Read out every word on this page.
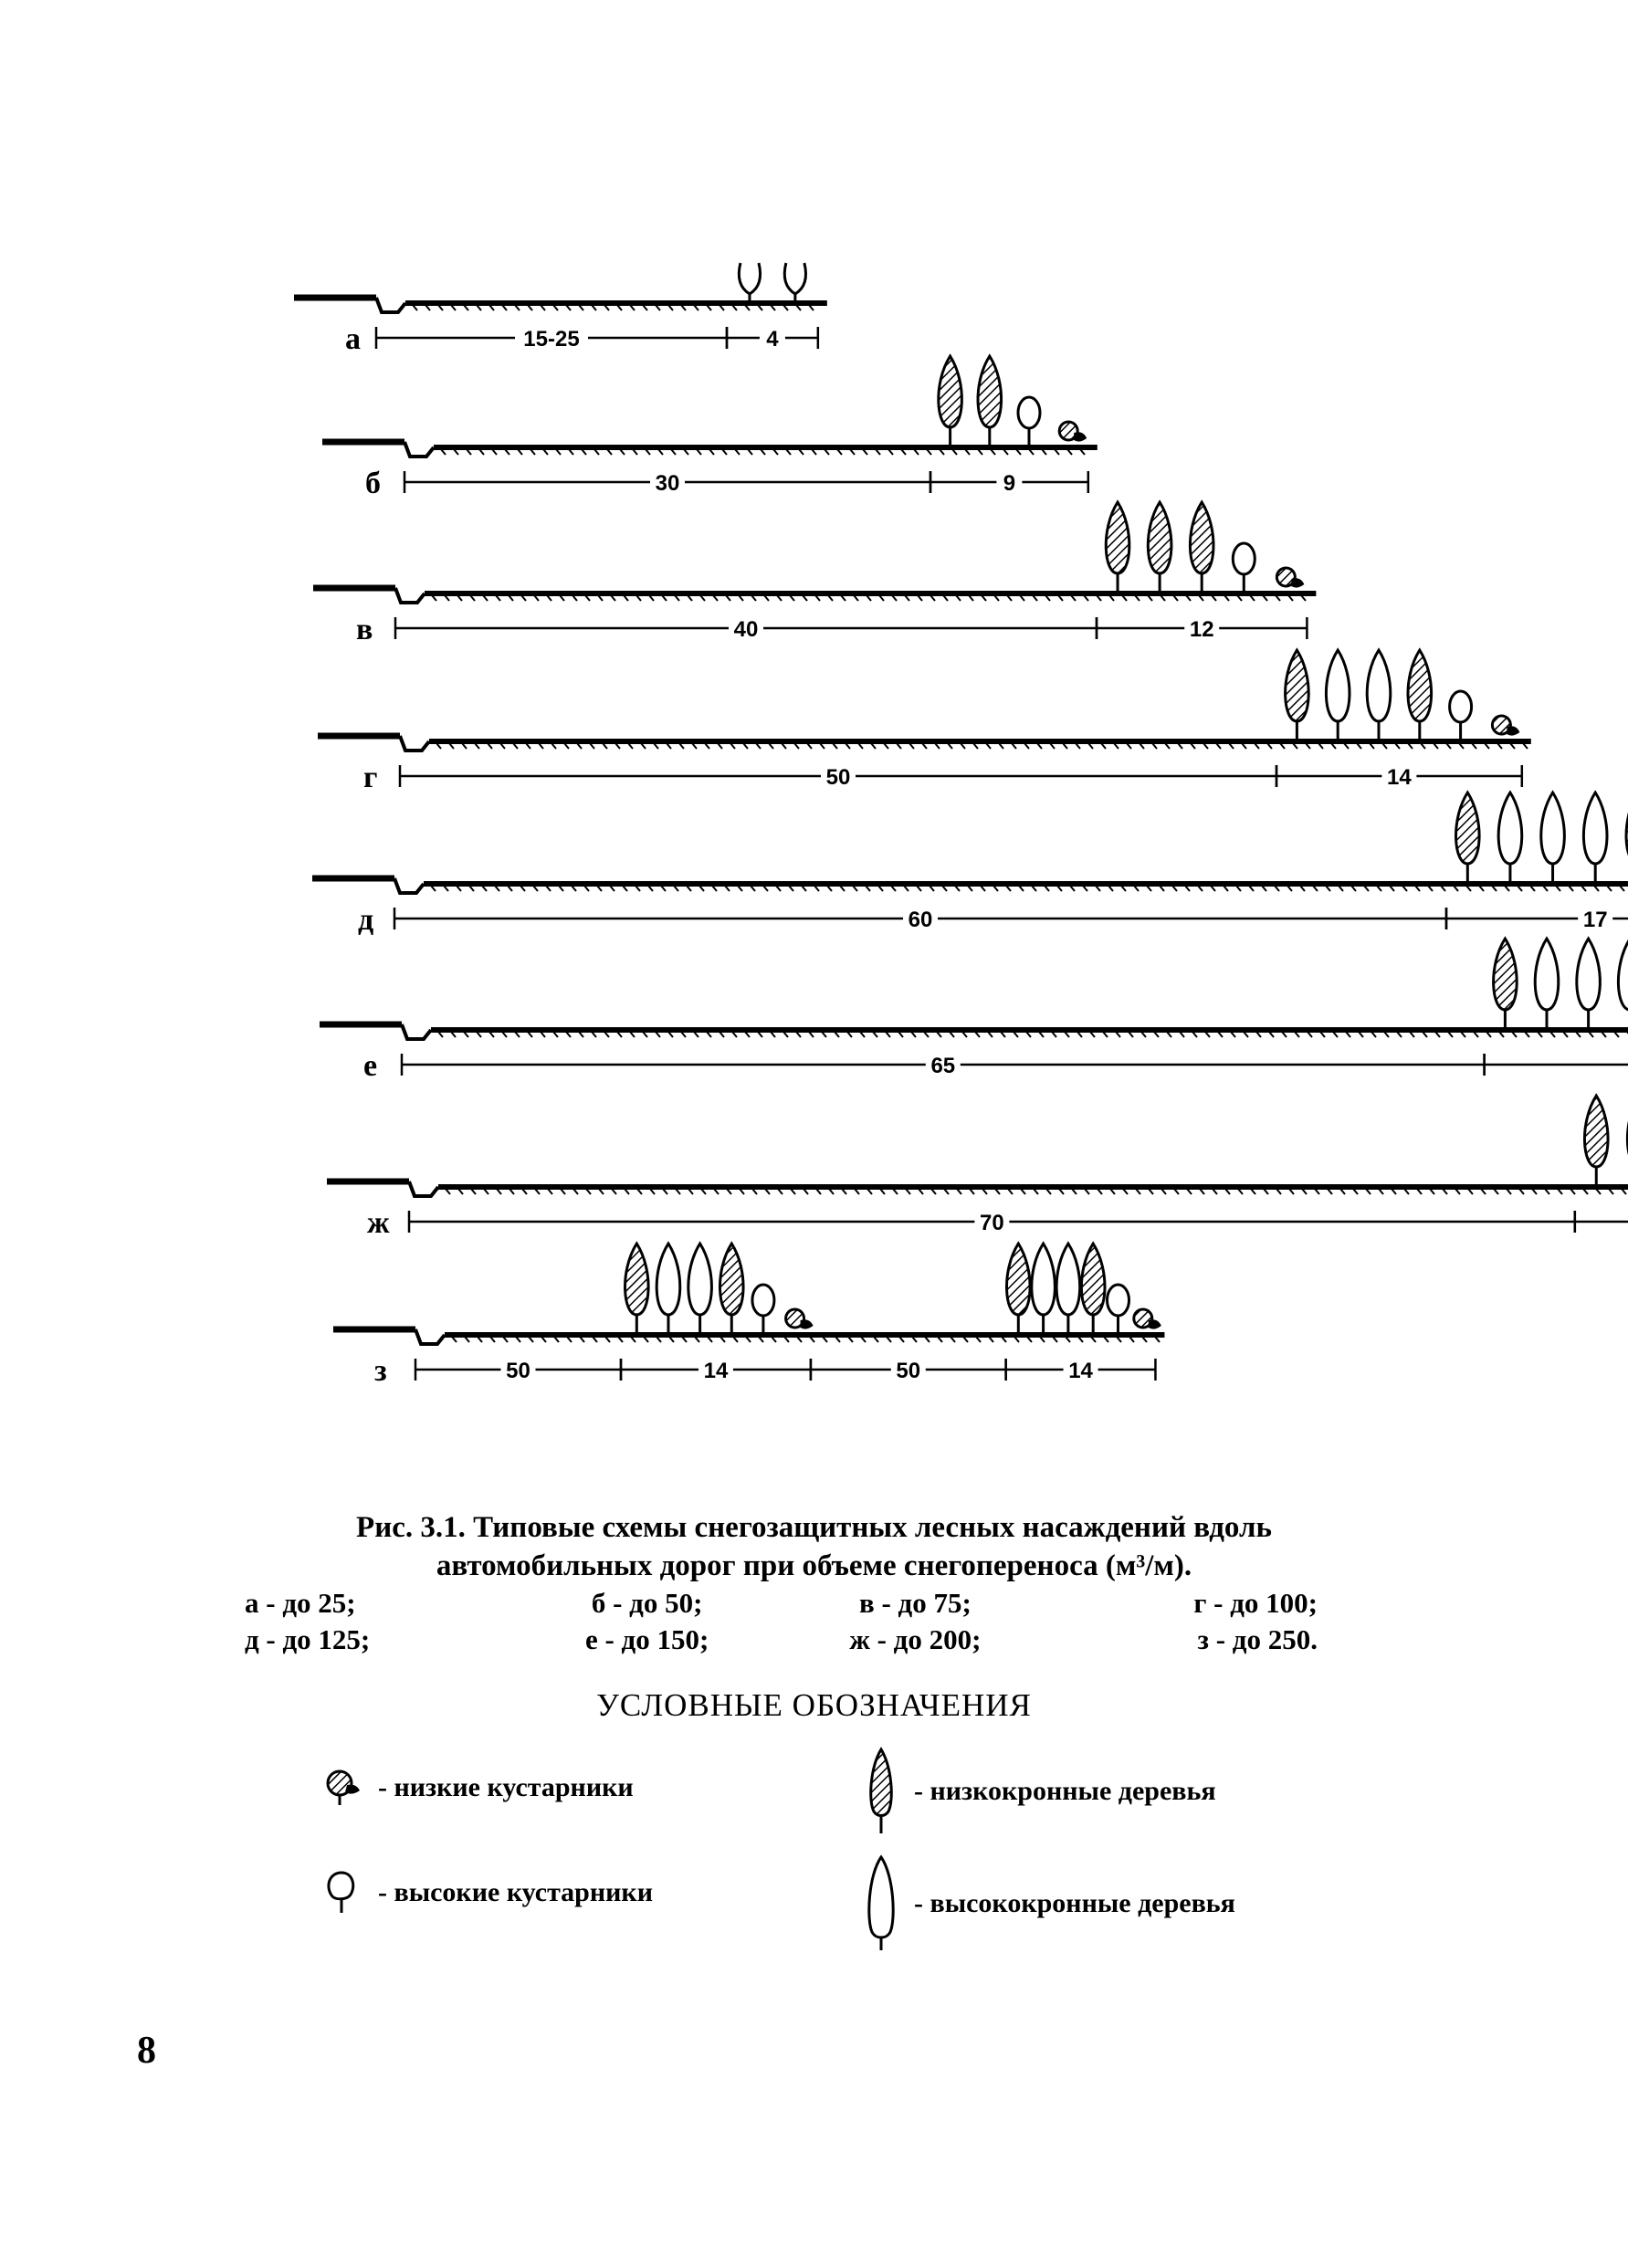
а	15-25	4
б	30	9
в	40	12
г	50	14
д	60	17
е	65
ж	70
з	50	14	50	14
Рис. 3.1. Типовые схемы снегозащитных лесных насаждений вдоль
автомобильных дорог при объеме снегопереноса (м³/м).
а - до 25;	б - до 50;	в - до 75;	г - до 100;
д - до 125;	е - до 150;	ж - до 200;	з - до 250.
УСЛОВНЫЕ ОБОЗНАЧЕНИЯ
- низкие кустарники
- высокие кустарники
- низкокронные деревья
- высококронные деревья
8
